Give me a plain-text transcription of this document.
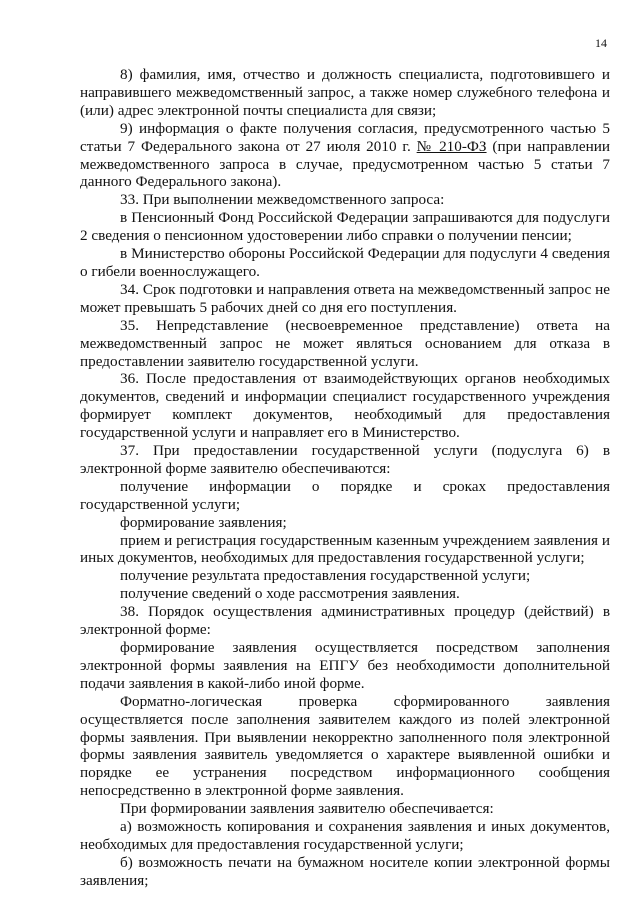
14

8) фамилия, имя, отчество и должность специалиста, подготовившего и направившего межведомственный запрос, а также номер служебного телефона и (или) адрес электронной почты специалиста для связи;

9) информация о факте получения согласия, предусмотренного частью 5 статьи 7 Федерального закона от 27 июля 2010 г. № 210-ФЗ (при направлении межведомственного запроса в случае, предусмотренном частью 5 статьи 7 данного Федерального закона).

33. При выполнении межведомственного запроса:

в Пенсионный Фонд Российской Федерации запрашиваются для подуслуги 2 сведения о пенсионном удостоверении либо справки о получении пенсии;

в Министерство обороны Российской Федерации для подуслуги 4 сведения о гибели военнослужащего.

34. Срок подготовки и направления ответа на межведомственный запрос не может превышать 5 рабочих дней со дня его поступления.

35. Непредставление (несвоевременное представление) ответа на межведомственный запрос не может являться основанием для отказа в предоставлении заявителю государственной услуги.

36. После предоставления от взаимодействующих органов необходимых документов, сведений и информации специалист государственного учреждения формирует комплект документов, необходимый для предоставления государственной услуги и направляет его в Министерство.

37. При предоставлении государственной услуги (подуслуга 6) в электронной форме заявителю обеспечиваются:

получение информации о порядке и сроках предоставления государственной услуги;

формирование заявления;

прием и регистрация государственным казенным учреждением заявления и иных документов, необходимых для предоставления государственной услуги;

получение результата предоставления государственной услуги;

получение сведений о ходе рассмотрения заявления.

38. Порядок осуществления административных процедур (действий) в электронной форме:

формирование заявления осуществляется посредством заполнения электронной формы заявления на ЕПГУ без необходимости дополнительной подачи заявления в какой-либо иной форме.

Форматно-логическая проверка сформированного заявления осуществляется после заполнения заявителем каждого из полей электронной формы заявления. При выявлении некорректно заполненного поля электронной формы заявления заявитель уведомляется о характере выявленной ошибки и порядке ее устранения посредством информационного сообщения непосредственно в электронной форме заявления.

При формировании заявления заявителю обеспечивается:

а) возможность копирования и сохранения заявления и иных документов, необходимых для предоставления государственной услуги;

б) возможность печати на бумажном носителе копии электронной формы заявления;
